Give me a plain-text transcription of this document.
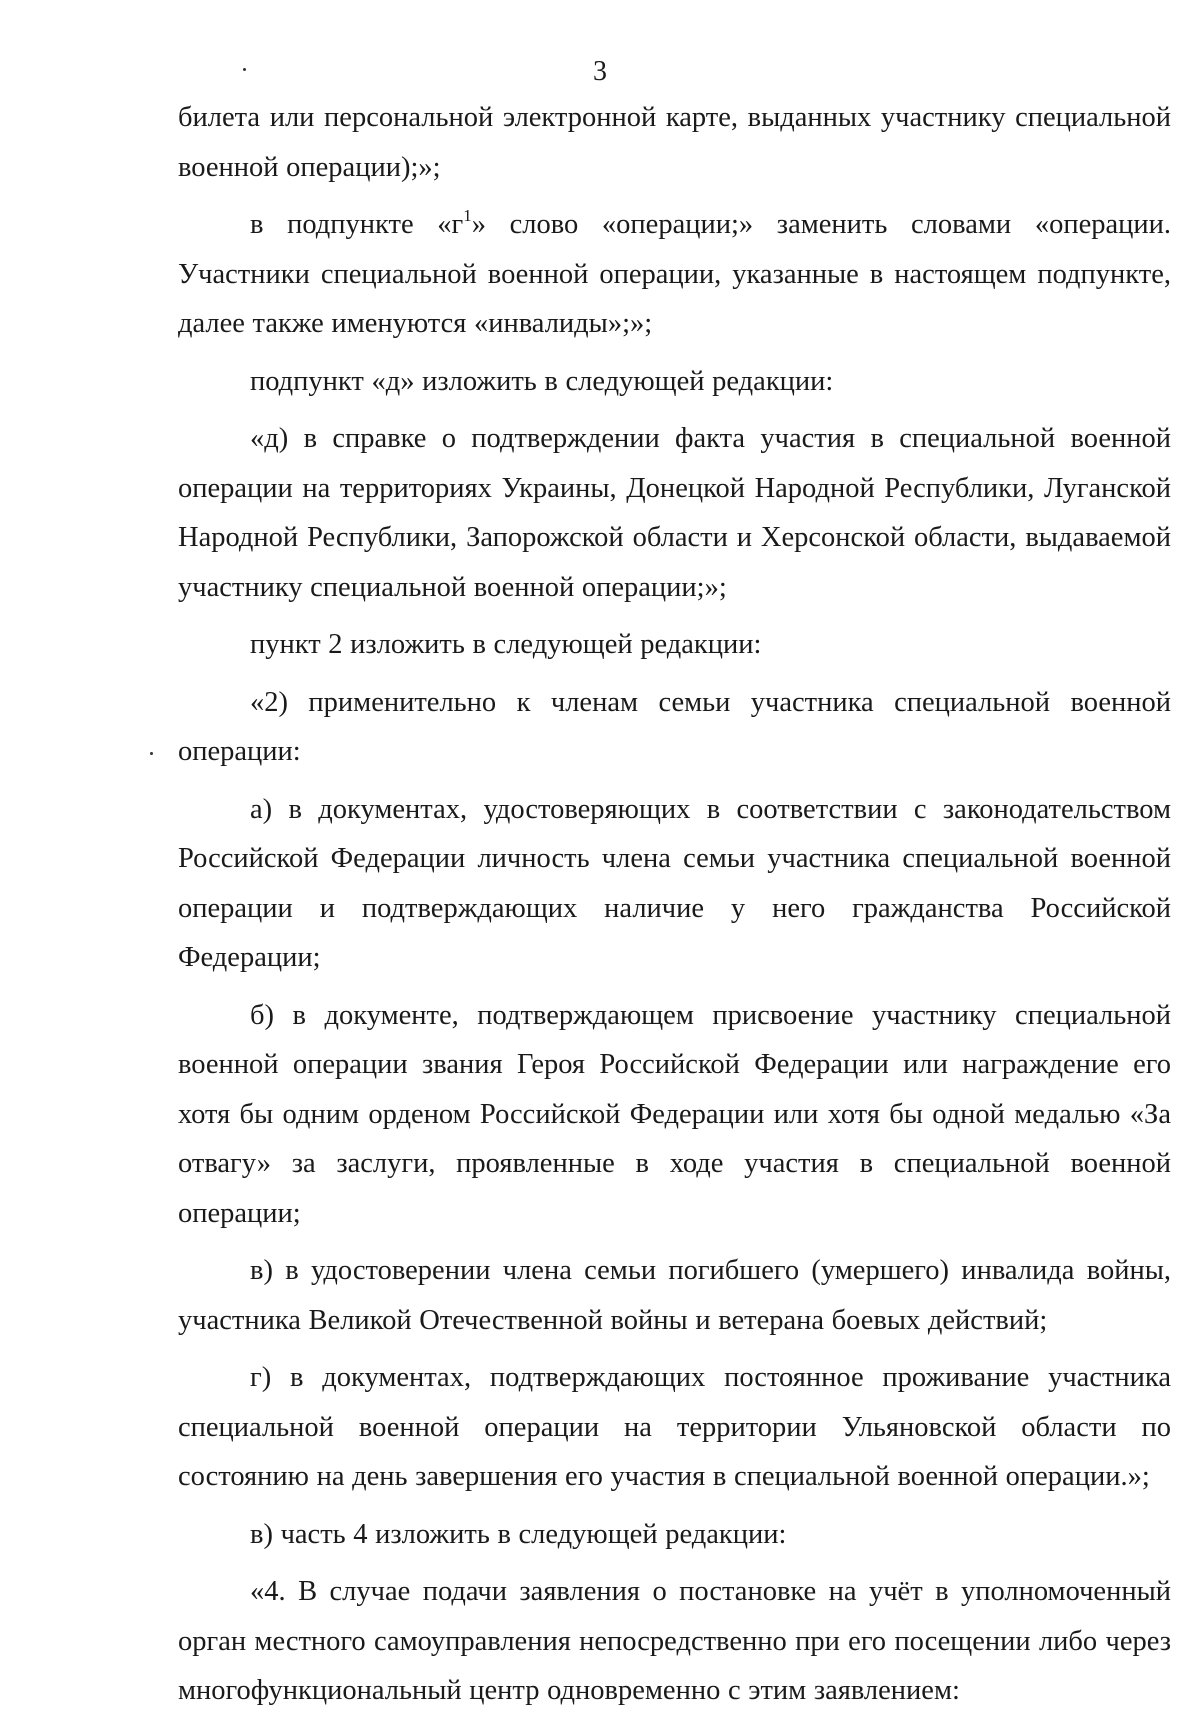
3

билета или персональной электронной карте, выданных участнику специальной военной операции);»;

в подпункте «$г^1$» слово «операции;» заменить словами «операции. Участники специальной военной операции, указанные в настоящем подпункте, далее также именуются «инвалиды»;»;

подпункт «д» изложить в следующей редакции:

«д) в справке о подтверждении факта участия в специальной военной операции на территориях Украины, Донецкой Народной Республики, Луганской Народной Республики, Запорожской области и Херсонской области, выдаваемой участнику специальной военной операции;»;

пункт 2 изложить в следующей редакции:

«2) применительно к членам семьи участника специальной военной операции:

а) в документах, удостоверяющих в соответствии с законодательством Российской Федерации личность члена семьи участника специальной военной операции и подтверждающих наличие у него гражданства Российской Федерации;

б) в документе, подтверждающем присвоение участнику специальной военной операции звания Героя Российской Федерации или награждение его хотя бы одним орденом Российской Федерации или хотя бы одной медалью «За отвагу» за заслуги, проявленные в ходе участия в специальной военной операции;

в) в удостоверении члена семьи погибшего (умершего) инвалида войны, участника Великой Отечественной войны и ветерана боевых действий;

г) в документах, подтверждающих постоянное проживание участника специальной военной операции на территории Ульяновской области по состоянию на день завершения его участия в специальной военной операции.»;

в) часть 4 изложить в следующей редакции:

«4. В случае подачи заявления о постановке на учёт в уполномоченный орган местного самоуправления непосредственно при его посещении либо через многофункциональный центр одновременно с этим заявлением:
